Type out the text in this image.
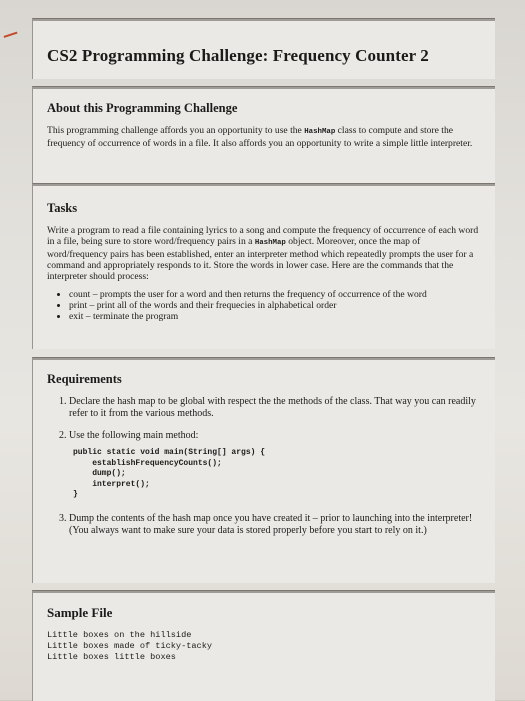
CS2 Programming Challenge: Frequency Counter 2

About this Programming Challenge

This programming challenge affords you an opportunity to use the HashMap class to compute and store the frequency of occurrence of words in a file. It also affords you an opportunity to write a simple little interpreter.

Tasks

Write a program to read a file containing lyrics to a song and compute the frequency of occurrence of each word in a file, being sure to store word/frequency pairs in a HashMap object. Moreover, once the map of word/frequency pairs has been established, enter an interpreter method which repeatedly prompts the user for a command and appropriately responds to it. Store the words in lower case. Here are the commands that the interpreter should process:

• count – prompts the user for a word and then returns the frequency of occurrence of the word
• print – print all of the words and their frequecies in alphabetical order
• exit – terminate the program

Requirements

1. Declare the hash map to be global with respect the the methods of the class. That way you can readily refer to it from the various methods.
2. Use the following main method:
public static void main(String[] args) {
establishFrequencyCounts();
dump();
interpret();
}
3. Dump the contents of the hash map once you have created it – prior to launching into the interpreter! (You always want to make sure your data is stored properly before you start to rely on it.)

Sample File

Little boxes on the hillside
Little boxes made of ticky-tacky
Little boxes little boxes
